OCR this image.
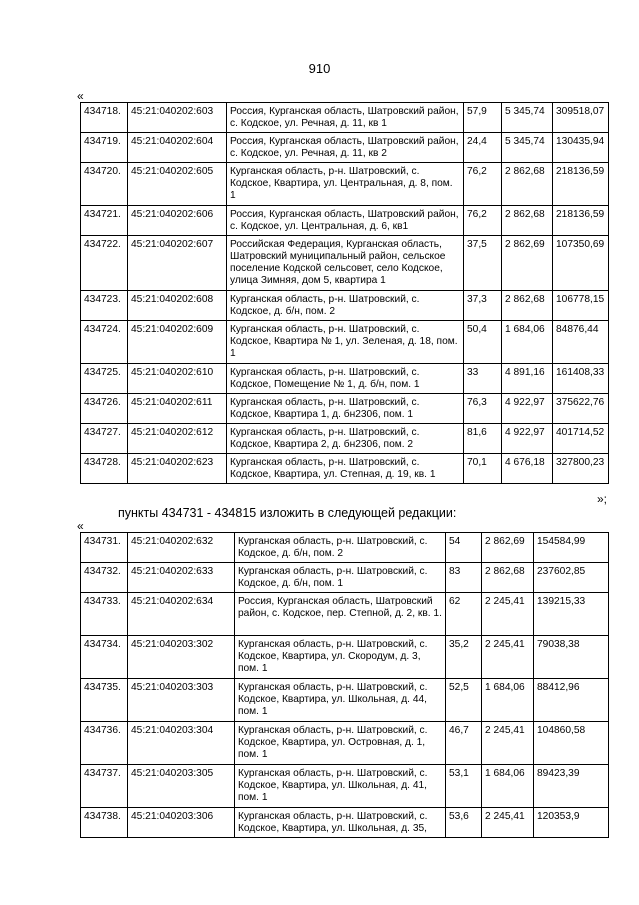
910
«
434718.	45:21:040202:603	Россия, Курганская область, Шатровский район, с. Кодское, ул. Речная, д. 11, кв 1	57,9	5 345,74	309518,07
434719.	45:21:040202:604	Россия, Курганская область, Шатровский район, с. Кодское, ул. Речная, д. 11, кв 2	24,4	5 345,74	130435,94
434720.	45:21:040202:605	Курганская область, р-н. Шатровский, с. Кодское, Квартира, ул. Центральная, д. 8, пом. 1	76,2	2 862,68	218136,59
434721.	45:21:040202:606	Россия, Курганская область, Шатровский район, с. Кодское, ул. Центральная, д. 6, кв1	76,2	2 862,68	218136,59
434722.	45:21:040202:607	Российская Федерация, Курганская область, Шатровский муниципальный район, сельское поселение Кодской сельсовет, село Кодское, улица Зимняя, дом 5, квартира 1	37,5	2 862,69	107350,69
434723.	45:21:040202:608	Курганская область, р-н. Шатровский, с. Кодское, д. б/н, пом. 2	37,3	2 862,68	106778,15
434724.	45:21:040202:609	Курганская область, р-н. Шатровский, с. Кодское, Квартира № 1, ул. Зеленая, д. 18, пом. 1	50,4	1 684,06	84876,44
434725.	45:21:040202:610	Курганская область, р-н. Шатровский, с. Кодское, Помещение № 1, д. б/н, пом. 1	33	4 891,16	161408,33
434726.	45:21:040202:611	Курганская область, р-н. Шатровский, с. Кодское, Квартира 1, д. бн2306, пом. 1	76,3	4 922,97	375622,76
434727.	45:21:040202:612	Курганская область, р-н. Шатровский, с. Кодское, Квартира 2, д. бн2306, пом. 2	81,6	4 922,97	401714,52
434728.	45:21:040202:623	Курганская область, р-н. Шатровский, с. Кодское, Квартира, ул. Степная, д. 19, кв. 1	70,1	4 676,18	327800,23
»;
пункты 434731 - 434815 изложить в следующей редакции:
«
434731.	45:21:040202:632	Курганская область, р-н. Шатровский, с. Кодское, д. б/н, пом. 2	54	2 862,69	154584,99
434732.	45:21:040202:633	Курганская область, р-н. Шатровский, с. Кодское, д. б/н, пом. 1	83	2 862,68	237602,85
434733.	45:21:040202:634	Россия, Курганская область, Шатровский район, с. Кодское, пер. Степной, д. 2, кв. 1.	62	2 245,41	139215,33
434734.	45:21:040203:302	Курганская область, р-н. Шатровский, с. Кодское, Квартира, ул. Скородум, д. 3, пом. 1	35,2	2 245,41	79038,38
434735.	45:21:040203:303	Курганская область, р-н. Шатровский, с. Кодское, Квартира, ул. Школьная, д. 44, пом. 1	52,5	1 684,06	88412,96
434736.	45:21:040203:304	Курганская область, р-н. Шатровский, с. Кодское, Квартира, ул. Островная, д. 1, пом. 1	46,7	2 245,41	104860,58
434737.	45:21:040203:305	Курганская область, р-н. Шатровский, с. Кодское, Квартира, ул. Школьная, д. 41, пом. 1	53,1	1 684,06	89423,39
434738.	45:21:040203:306	Курганская область, р-н. Шатровский, с. Кодское, Квартира, ул. Школьная, д. 35,	53,6	2 245,41	120353,9
